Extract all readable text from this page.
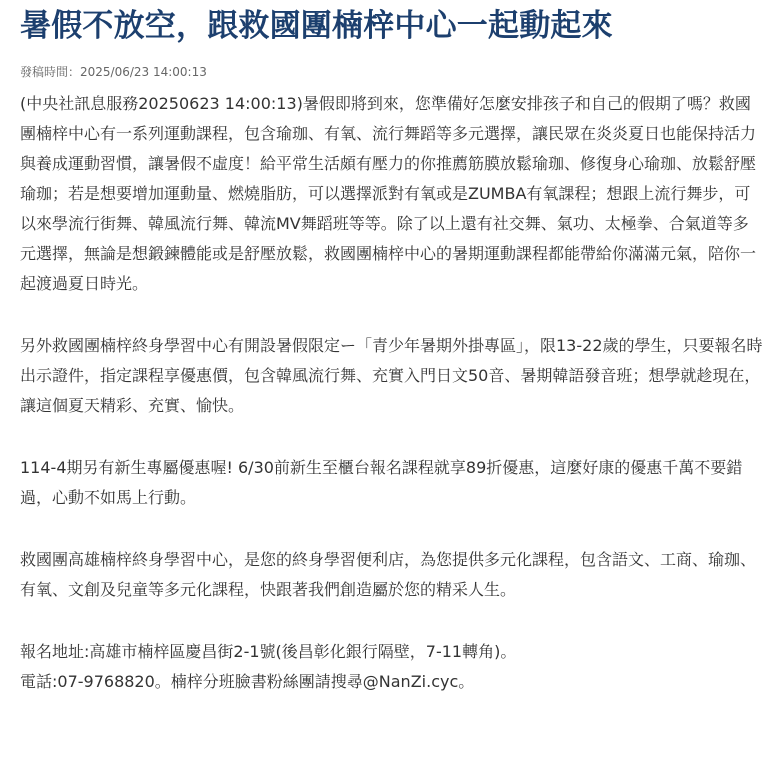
暑假不放空，跟救國團楠梓中心一起動起來
發稿時間：2025/06/23 14:00:13

(中央社訊息服務20250623 14:00:13)暑假即將到來，您準備好怎麼安排孩子和自己的假期了嗎？救國團楠梓中心有一系列運動課程，包含瑜珈、有氧、流行舞蹈等多元選擇，讓民眾在炎炎夏日也能保持活力與養成運動習慣，讓暑假不虛度！給平常生活頗有壓力的你推薦筋膜放鬆瑜珈、修復身心瑜珈、放鬆舒壓瑜珈；若是想要增加運動量、燃燒脂肪，可以選擇派對有氧或是ZUMBA有氧課程；想跟上流行舞步，可以來學流行街舞、韓風流行舞、韓流MV舞蹈班等等。除了以上還有社交舞、氣功、太極拳、合氣道等多元選擇，無論是想鍛鍊體能或是舒壓放鬆，救國團楠梓中心的暑期運動課程都能帶給你滿滿元氣，陪你一起渡過夏日時光。

另外救國團楠梓終身學習中心有開設暑假限定ー「青少年暑期外掛專區」，限13-22歲的學生，只要報名時出示證件，指定課程享優惠價，包含韓風流行舞、充實入門日文50音、暑期韓語發音班；想學就趁現在，讓這個夏天精彩、充實、愉快。

114-4期另有新生專屬優惠喔! 6/30前新生至櫃台報名課程就享89折優惠，這麼好康的優惠千萬不要錯過，心動不如馬上行動。

救國團高雄楠梓終身學習中心，是您的終身學習便利店，為您提供多元化課程，包含語文、工商、瑜珈、有氧、文創及兒童等多元化課程，快跟著我們創造屬於您的精采人生。

報名地址:高雄市楠梓區慶昌街2-1號(後昌彰化銀行隔壁，7-11轉角)。

電話:07-9768820。楠梓分班臉書粉絲團請搜尋@NanZi.cyc。
